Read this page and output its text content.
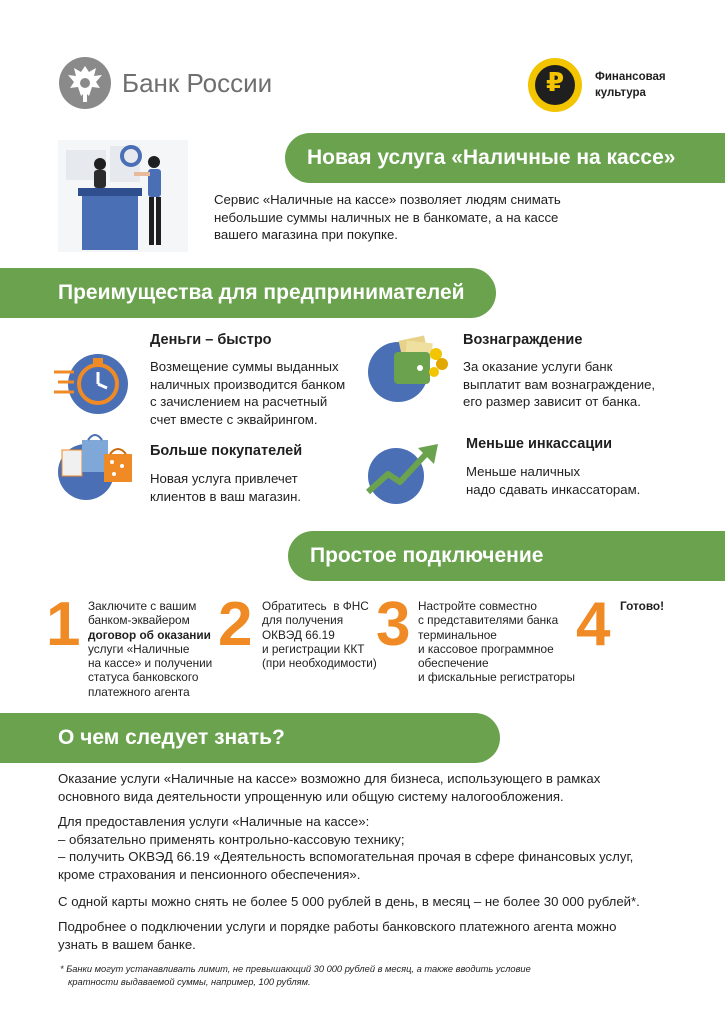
Банк России	₽	Финансовая
культура
Новая услуга «Наличные на кассе»
Сервис «Наличные на кассе» позволяет людям снимать
небольшие суммы наличных не в банкомате, а на кассе
вашего магазина при покупке.
Преимущества для предпринимателей
Деньги – быстро
Возмещение суммы выданных
наличных производится банком
с зачислением на расчетный
счет вместе с эквайрингом.
Вознаграждение
За оказание услуги банк
выплатит вам вознаграждение,
его размер зависит от банка.
Больше покупателей
Новая услуга привлечет
клиентов в ваш магазин.
Меньше инкассации
Меньше наличных
надо сдавать инкассаторам.
Простое подключение
1 Заключите с вашим
банком-эквайером
договор об оказании
услуги «Наличные
на кассе» и получении
статуса банковского
платежного агента
2 Обратитесь  в ФНС
для получения
ОКВЭД 66.19
и регистрации ККТ
(при необходимости)
3 Настройте совместно
с представителями банка
терминальное
и кассовое программное
обеспечение
и фискальные регистраторы
4 Готово!
О чем следует знать?
Оказание услуги «Наличные на кассе» возможно для бизнеса, использующего в рамках
основного вида деятельности упрощенную или общую систему налогообложения.
Для предоставления услуги «Наличные на кассе»:
– обязательно применять контрольно-кассовую технику;
– получить ОКВЭД 66.19 «Деятельность вспомогательная прочая в сфере финансовых услуг,
кроме страхования и пенсионного обеспечения».
С одной карты можно снять не более 5 000 рублей в день, в месяц – не более 30 000 рублей*.
Подробнее о подключении услуги и порядке работы банковского платежного агента можно
узнать в вашем банке.
* Банки могут устанавливать лимит, не превышающий 30 000 рублей в месяц, а также вводить условие
кратности выдаваемой суммы, например, 100 рублям.
